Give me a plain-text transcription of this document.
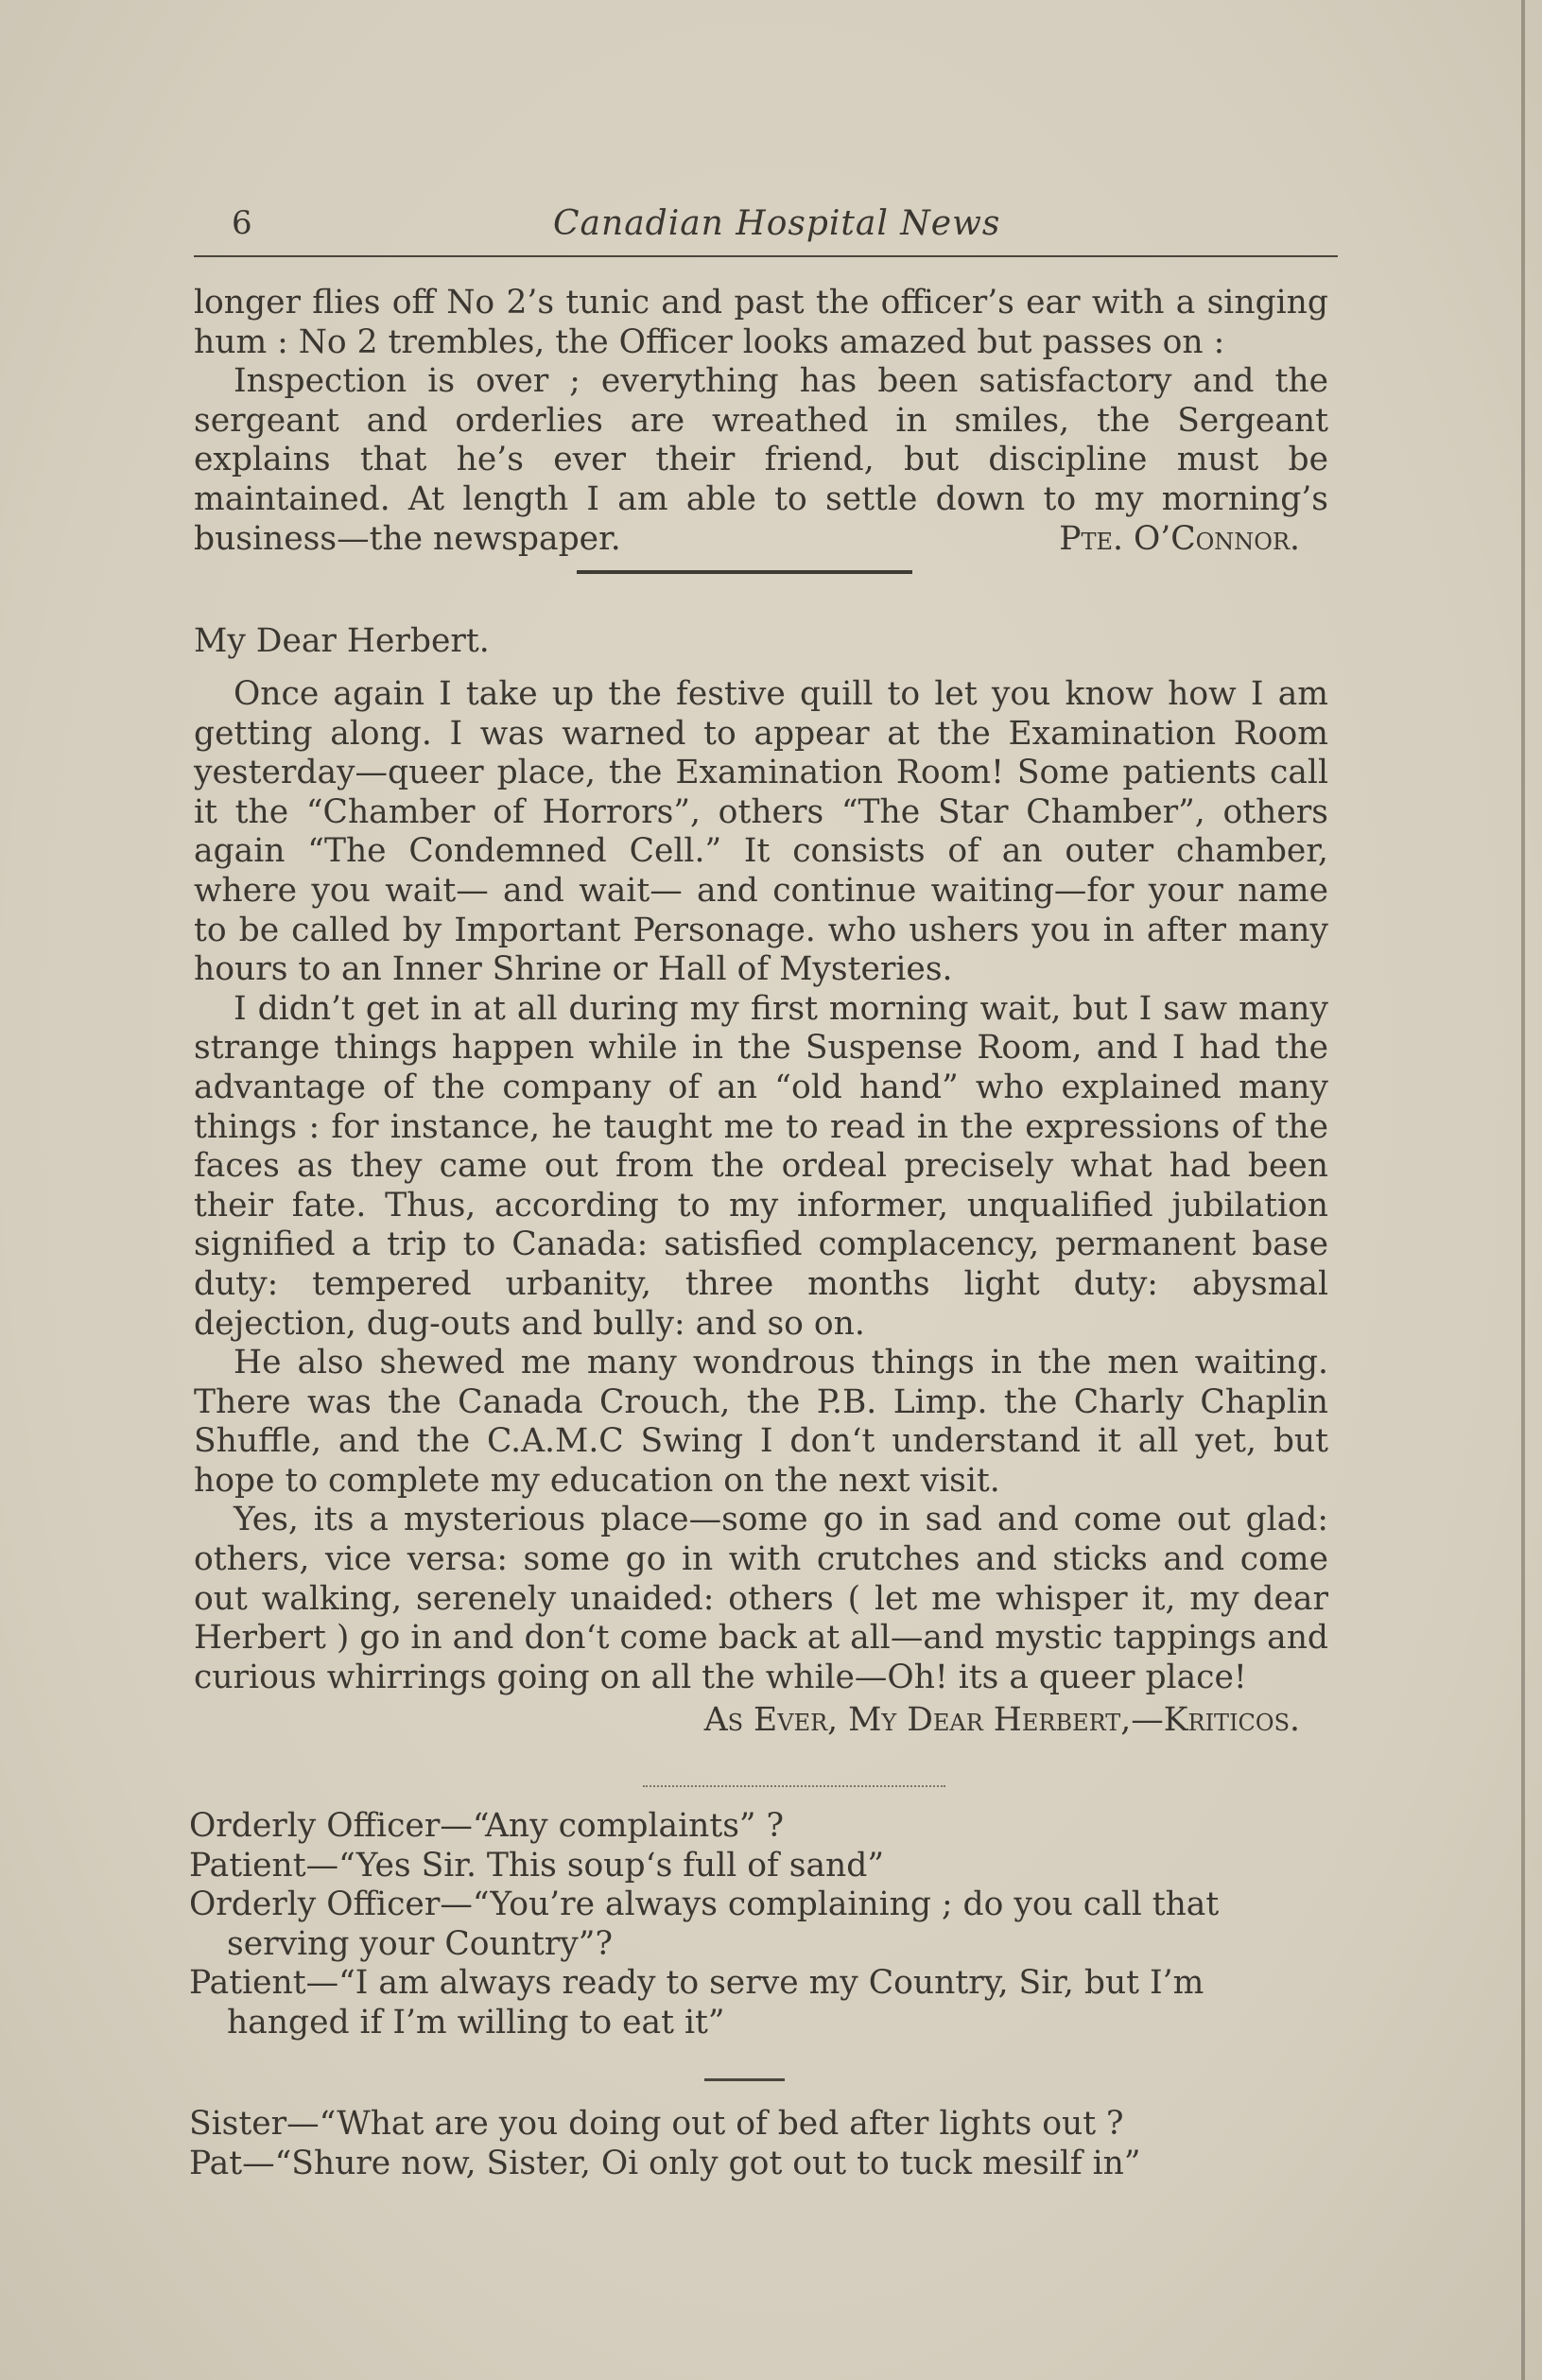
6	Canadian Hospital News

longer flies off No 2’s tunic and past the officer’s ear with a singing hum : No 2 trembles, the Officer looks amazed but passes on :

Inspection is over ; everything has been satisfactory and the sergeant and orderlies are wreathed in smiles, the Sergeant explains that he’s ever their friend, but discipline must be maintained. At length I am able to settle down to my morning’s business—the newspaper.	Pte. O’Connor.

My Dear Herbert.

Once again I take up the festive quill to let you know how I am getting along. I was warned to appear at the Examination Room yesterday—queer place, the Examination Room! Some patients call it the “Chamber of Horrors”, others “The Star Chamber”, others again “The Condemned Cell.” It consists of an outer chamber, where you wait— and wait— and continue waiting—for your name to be called by Important Personage. who ushers you in after many hours to an Inner Shrine or Hall of Mysteries.

I didn’t get in at all during my first morning wait, but I saw many strange things happen while in the Suspense Room, and I had the advantage of the company of an “old hand” who explained many things : for instance, he taught me to read in the expressions of the faces as they came out from the ordeal precisely what had been their fate. Thus, according to my informer, unqualified jubilation signified a trip to Canada: satisfied complacency, permanent base duty: tempered urbanity, three months light duty: abysmal dejection, dug-outs and bully: and so on.

He also shewed me many wondrous things in the men waiting. There was the Canada Crouch, the P.B. Limp. the Charly Chaplin Shuffle, and the C.A.M.C Swing I don‘t understand it all yet, but hope to complete my education on the next visit.

Yes, its a mysterious place—some go in sad and come out glad: others, vice versa: some go in with crutches and sticks and come out walking, serenely unaided: others ( let me whisper it, my dear Herbert ) go in and don‘t come back at all—and mystic tappings and curious whirrings going on all the while—Oh! its a queer place!

As Ever, My Dear Herbert,—Kriticos.

Orderly Officer—“Any complaints” ?

Patient—“Yes Sir. This soup‘s full of sand”

Orderly Officer—“You’re always complaining ; do you call that serving your Country”?

Patient—“I am always ready to serve my Country, Sir, but I’m hanged if I’m willing to eat it”

Sister—“What are you doing out of bed after lights out ?

Pat—“Shure now, Sister, Oi only got out to tuck mesilf in”
